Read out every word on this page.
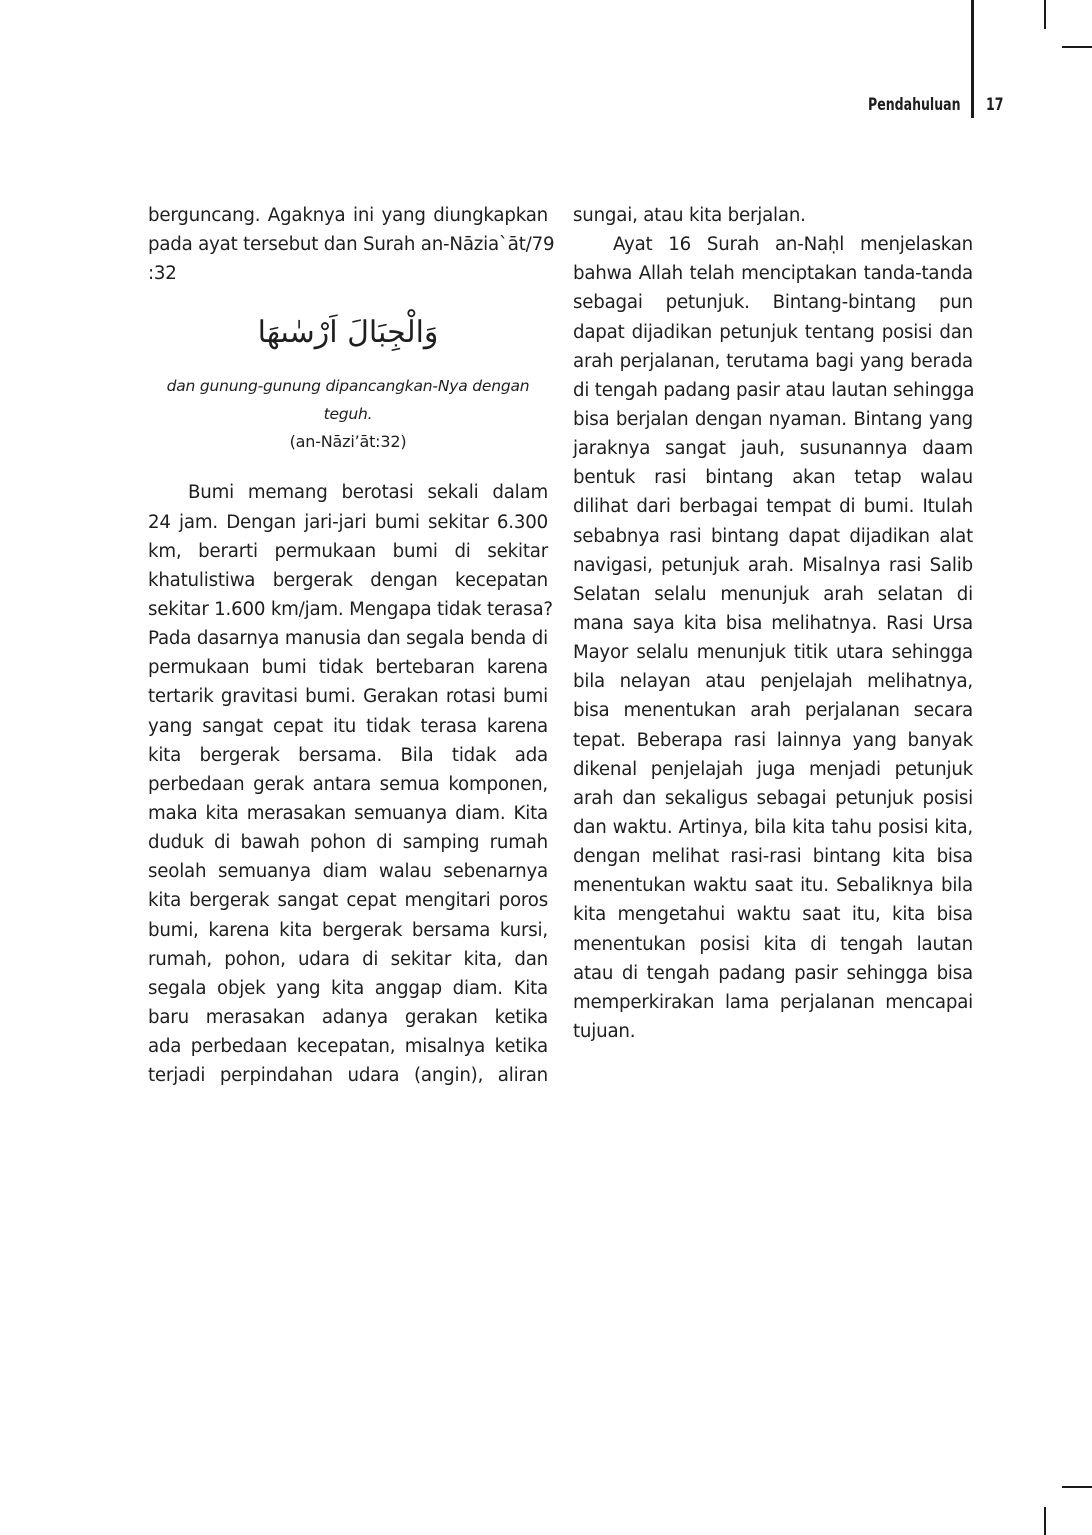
Pendahuluan 17
berguncang. Agaknya ini yang diungkapkan
pada ayat tersebut dan Surah an-Nāzia`āt/79
:32
وَالْجِبَالَ اَرْسٰىهَا
dan gunung-gunung dipancangkan-Nya dengan teguh.
(an-Nāzi’āt:32)
Bumi memang berotasi sekali dalam
24 jam. Dengan jari-jari bumi sekitar 6.300
km, berarti permukaan bumi di sekitar
khatulistiwa bergerak dengan kecepatan
sekitar 1.600 km/jam. Mengapa tidak terasa?
Pada dasarnya manusia dan segala benda di
permukaan bumi tidak bertebaran karena
tertarik gravitasi bumi. Gerakan rotasi bumi
yang sangat cepat itu tidak terasa karena
kita bergerak bersama. Bila tidak ada
perbedaan gerak antara semua komponen,
maka kita merasakan semuanya diam. Kita
duduk di bawah pohon di samping rumah
seolah semuanya diam walau sebenarnya
kita bergerak sangat cepat mengitari poros
bumi, karena kita bergerak bersama kursi,
rumah, pohon, udara di sekitar kita, dan
segala objek yang kita anggap diam. Kita
baru merasakan adanya gerakan ketika
ada perbedaan kecepatan, misalnya ketika
terjadi perpindahan udara (angin), aliran
sungai, atau kita berjalan.
Ayat 16 Surah an-Naḥl menjelaskan
bahwa Allah telah menciptakan tanda-tanda
sebagai petunjuk. Bintang-bintang pun
dapat dijadikan petunjuk tentang posisi dan
arah perjalanan, terutama bagi yang berada
di tengah padang pasir atau lautan sehingga
bisa berjalan dengan nyaman. Bintang yang
jaraknya sangat jauh, susunannya daam
bentuk rasi bintang akan tetap walau
dilihat dari berbagai tempat di bumi. Itulah
sebabnya rasi bintang dapat dijadikan alat
navigasi, petunjuk arah. Misalnya rasi Salib
Selatan selalu menunjuk arah selatan di
mana saya kita bisa melihatnya. Rasi Ursa
Mayor selalu menunjuk titik utara sehingga
bila nelayan atau penjelajah melihatnya,
bisa menentukan arah perjalanan secara
tepat. Beberapa rasi lainnya yang banyak
dikenal penjelajah juga menjadi petunjuk
arah dan sekaligus sebagai petunjuk posisi
dan waktu. Artinya, bila kita tahu posisi kita,
dengan melihat rasi-rasi bintang kita bisa
menentukan waktu saat itu. Sebaliknya bila
kita mengetahui waktu saat itu, kita bisa
menentukan posisi kita di tengah lautan
atau di tengah padang pasir sehingga bisa
memperkirakan lama perjalanan mencapai
tujuan.
